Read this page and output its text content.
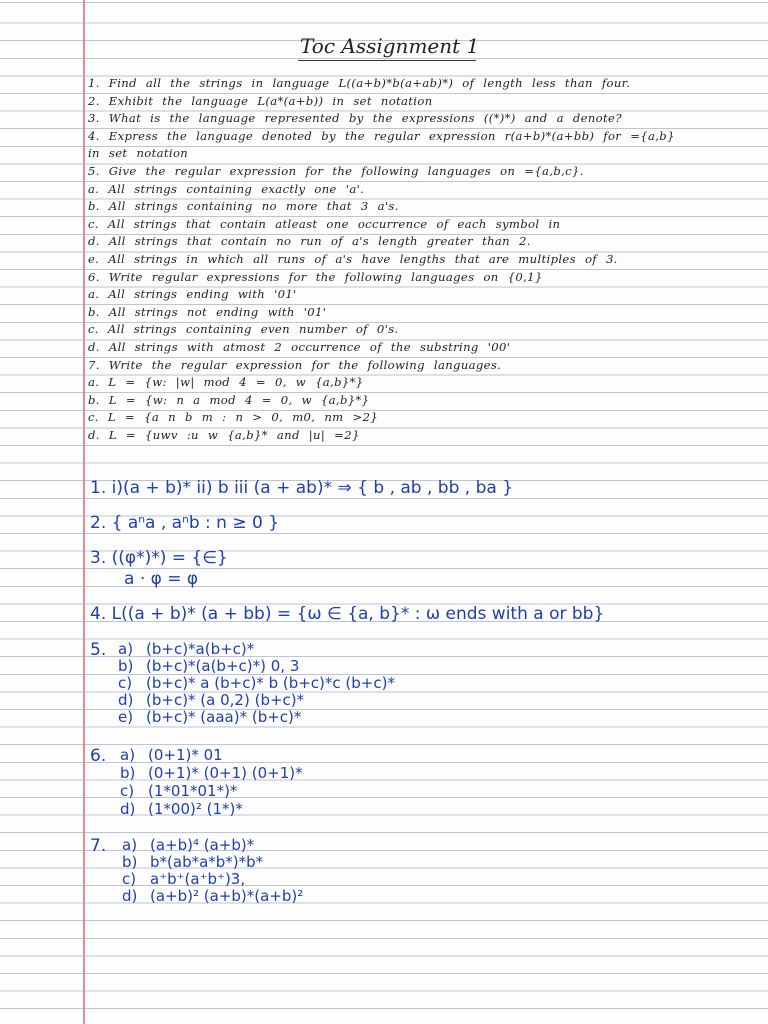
Toc Assignment 1
1. Find all the strings in language L((a+b)*b(a+ab)*) of length less than four.
2. Exhibit the language L(a*(a+b)) in set notation
3. What is the language represented by the expressions ((*)*) and a denote?
4. Express the language denoted by the regular expression r(a+b)*(a+bb) for ={a,b}
in set notation
5. Give the regular expression for the following languages on ={a,b,c}.
a. All strings containing exactly one 'a'.
b. All strings containing no more that 3 a's.
c. All strings that contain atleast one occurrence of each symbol in
d. All strings that contain no run of a's length greater than 2.
e. All strings in which all runs of a's have lengths that are multiples of 3.
6. Write regular expressions for the following languages on {0,1}
a. All strings ending with '01'
b. All strings not ending with '01'
c. All strings containing even number of 0's.
d. All strings with atmost 2 occurrence of the substring '00'
7. Write the regular expression for the following languages.
a. L = {w: |w| mod 4 = 0, w {a,b}*}
b. L = {w: n a mod 4 = 0, w {a,b}*}
c. L = {a n b m : n > 0, m0, nm >2}
d. L = {uwv :u w {a,b}* and |u| =2}
1. i)(a + b)* ii) b iii (a + ab)* ⇒ { b , ab , bb , ba }
2. { aⁿa , aⁿb : n ≥ 0 }
3. ((φ*)*) = {∈}
a · φ = φ
4. L((a + b)* (a + bb) = {ω ∈ {a, b}* : ω ends with a or bb}
5. a) (b+c)*a(b+c)*
b) (b+c)*(a(b+c)*) 0, 3
c) (b+c)* a (b+c)* b (b+c)*c (b+c)*
d) (b+c)* (a 0,2) (b+c)*
e) (b+c)* (aaa)* (b+c)*
6. a) (0+1)* 01
b) (0+1)* (0+1) (0+1)*
c) (1*01*01*)*
d) (1*00)² (1*)*
7. a) (a+b)⁴ (a+b)*
b) b*(ab*a*b*)*b*
c) a⁺b⁺(a⁺b⁺)3,
d) (a+b)² (a+b)*(a+b)²
